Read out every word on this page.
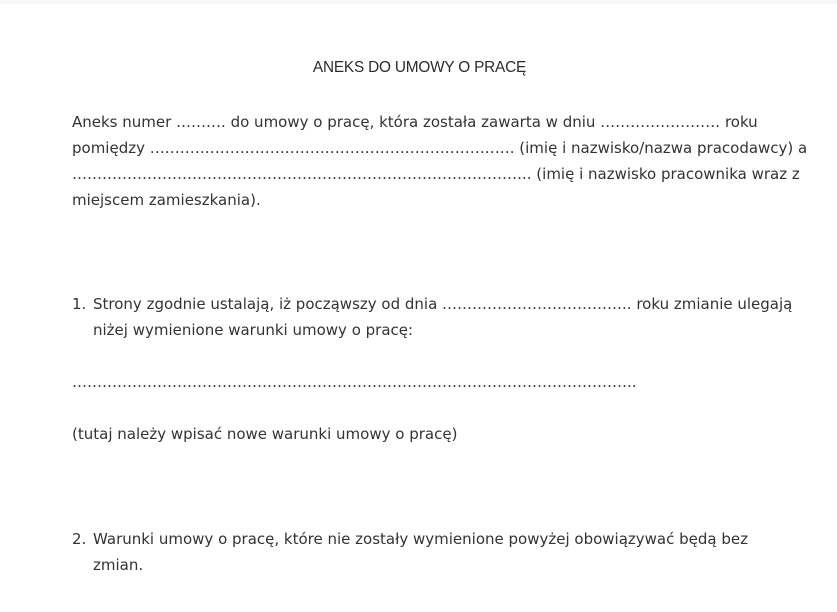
ANEKS DO UMOWY O PRACĘ

Aneks numer ………. do umowy o pracę, która została zawarta w dniu …………………… roku
pomiędzy ………………………………………………………………. (imię i nazwisko/nazwa pracodawcy) a
……………………………………………………………………………….. (imię i nazwisko pracownika wraz z
miejscem zamieszkania).

1. Strony zgodnie ustalają, iż począwszy od dnia ……………………………….. roku zmianie ulegają
niżej wymienione warunki umowy o pracę:

…………………………………………………………………………………………………..

(tutaj należy wpisać nowe warunki umowy o pracę)

2. Warunki umowy o pracę, które nie zostały wymienione powyżej obowiązywać będą bez
zmian.
